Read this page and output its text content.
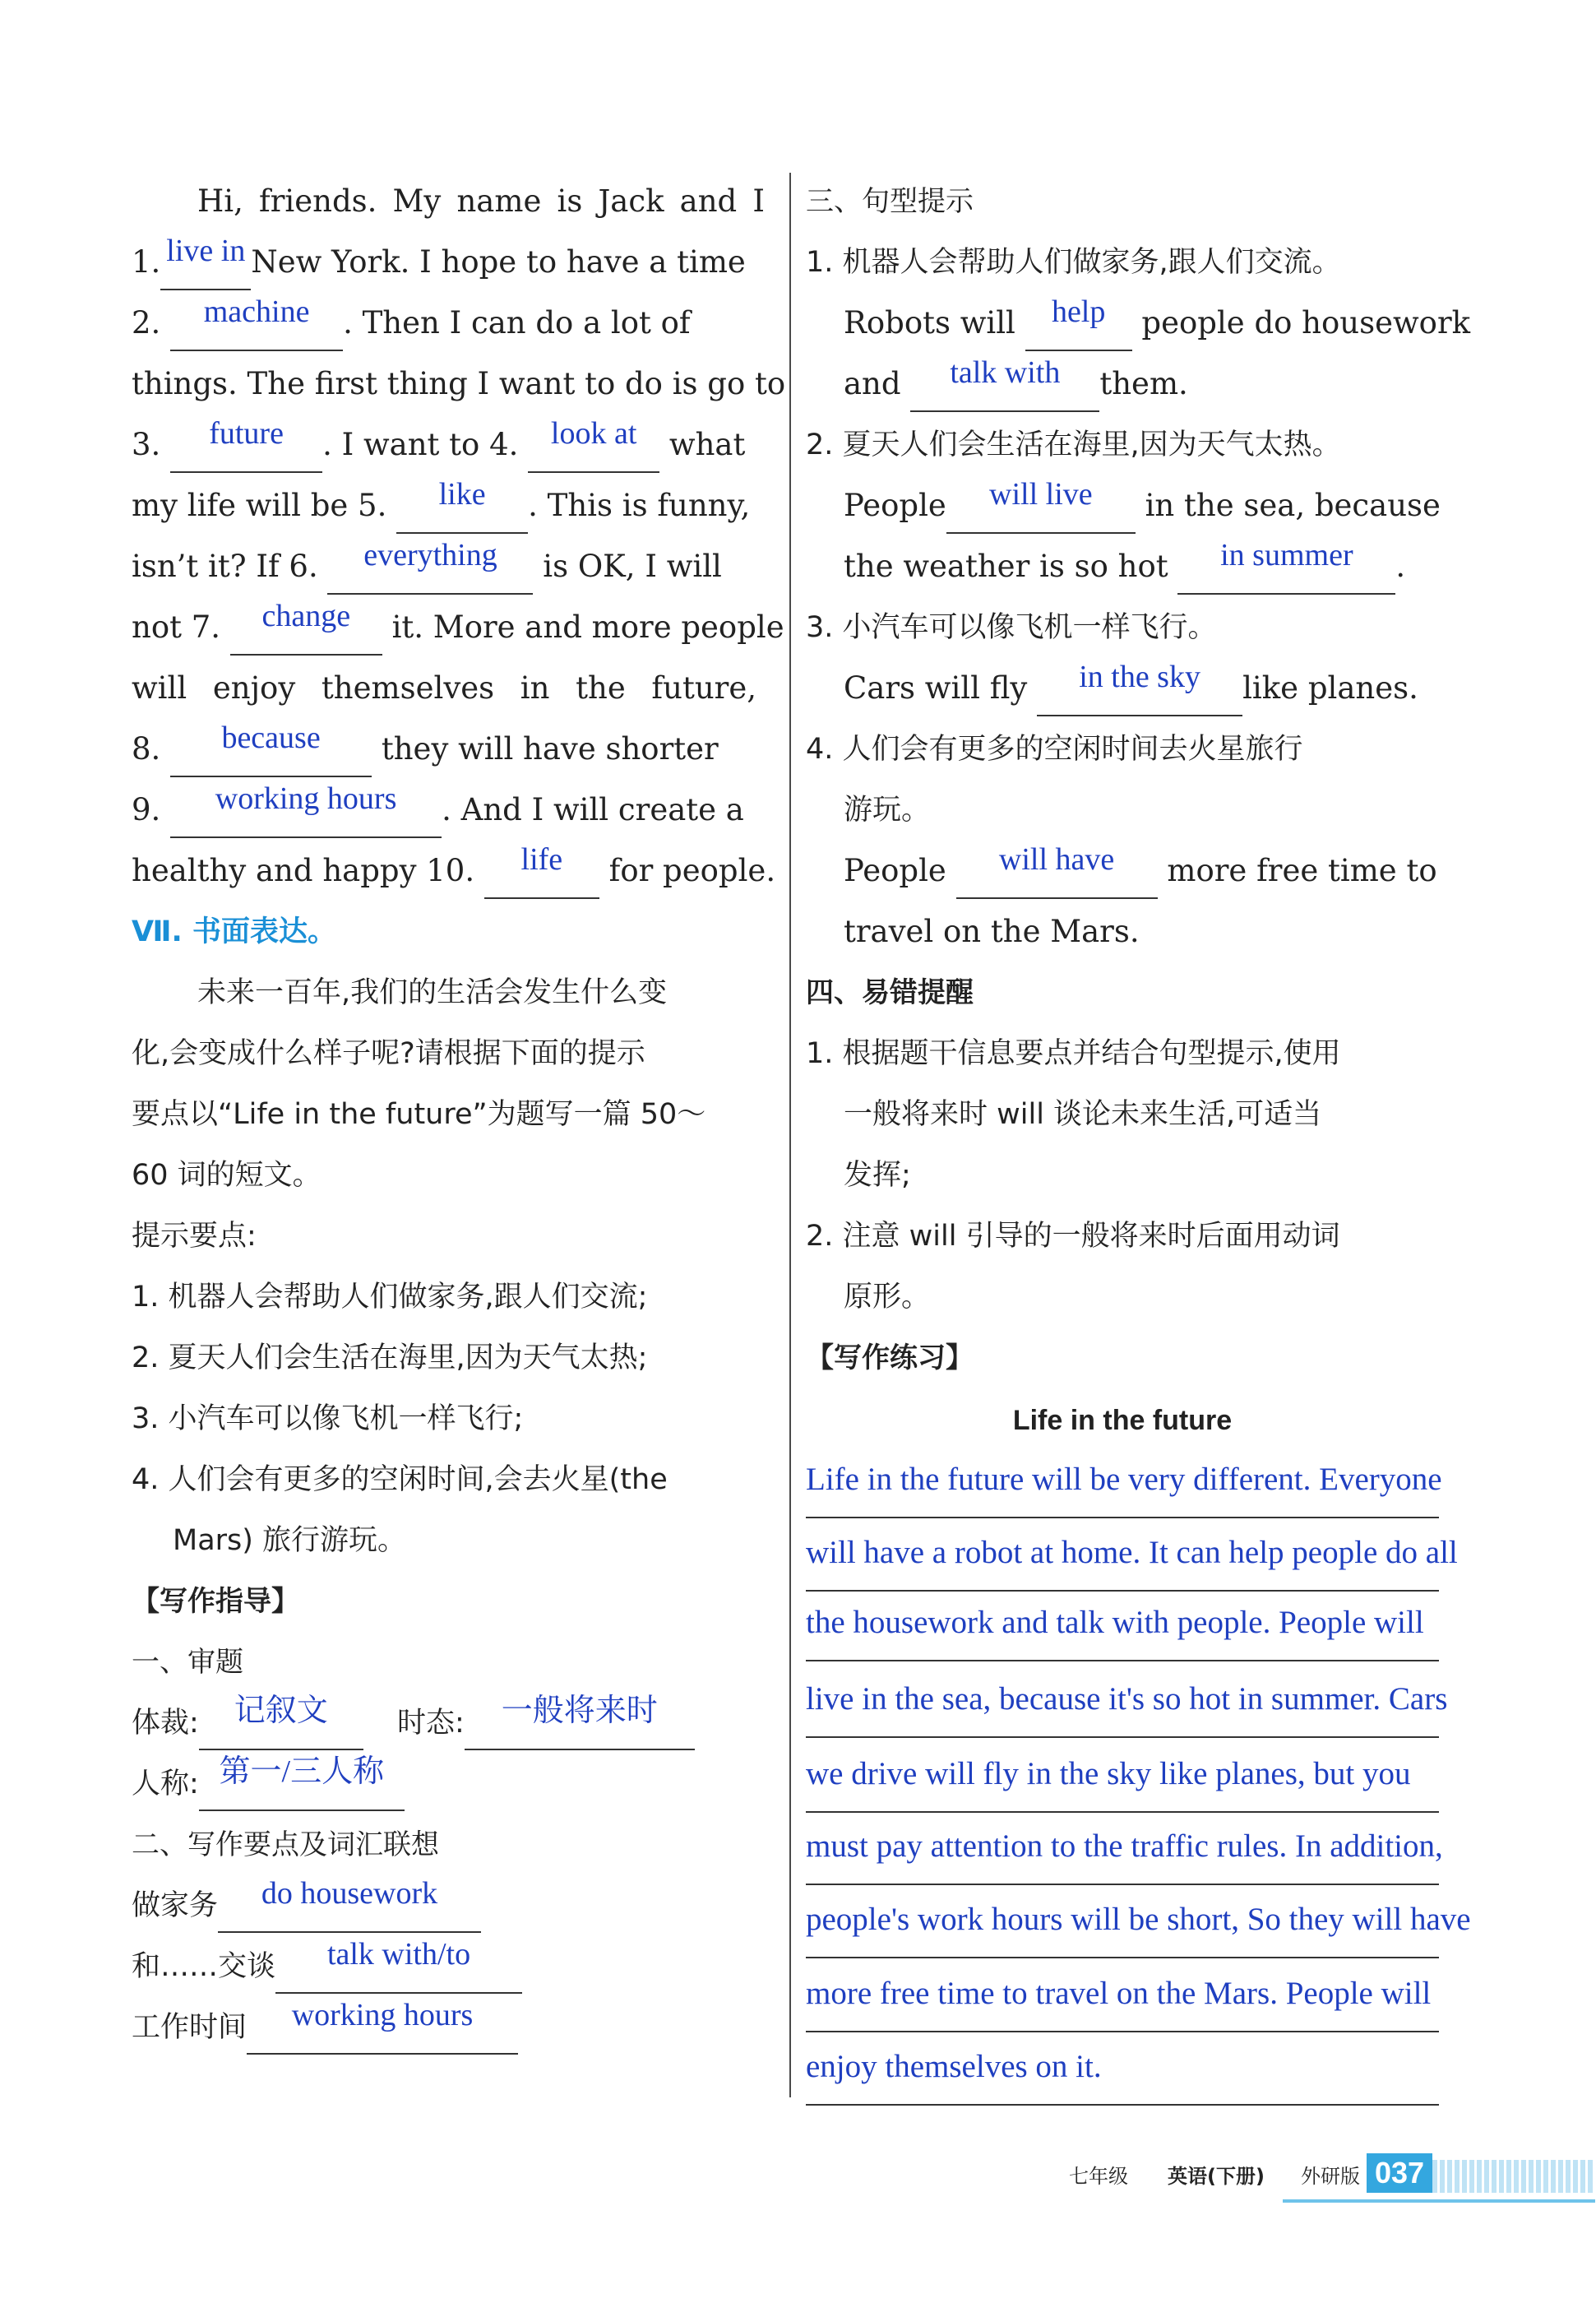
Hi, friends. My name is Jack and I
1. live in New York. I hope to have a time
2. machine . Then I can do a lot of
things. The first thing I want to do is go to
3. future . I want to 4. look at what
my life will be 5. like . This is funny,
isn’t it? If 6. everything is OK, I will
not 7. change it. More and more people
will enjoy themselves in the future,
8. because they will have shorter
9. working hours . And I will create a
healthy and happy 10. life for people.
Ⅶ. 书面表达。
未来一百年,我们的生活会发生什么变
化,会变成什么样子呢?请根据下面的提示
要点以“Life in the future”为题写一篇 50～
60 词的短文。
提示要点:
1. 机器人会帮助人们做家务,跟人们交流;
2. 夏天人们会生活在海里,因为天气太热;
3. 小汽车可以像飞机一样飞行;
4. 人们会有更多的空闲时间,会去火星(the
Mars) 旅行游玩。
【写作指导】
一、审题
体裁: 记叙文 时态: 一般将来时
人称: 第一/三人称
二、写作要点及词汇联想
做家务 do housework
和……交谈 talk with/to
工作时间 working hours
三、句型提示
1. 机器人会帮助人们做家务,跟人们交流。
Robots will help people do housework
and talk with them.
2. 夏天人们会生活在海里,因为天气太热。
People will live in the sea, because
the weather is so hot in summer .
3. 小汽车可以像飞机一样飞行。
Cars will fly in the sky like planes.
4. 人们会有更多的空闲时间去火星旅行
游玩。
People will have more free time to
travel on the Mars.
四、易错提醒
1. 根据题干信息要点并结合句型提示,使用
一般将来时 will 谈论未来生活,可适当
发挥;
2. 注意 will 引导的一般将来时后面用动词
原形。
【写作练习】
Life in the future
Life in the future will be very different. Everyone
will have a robot at home. It can help people do all
the housework and talk with people. People will
live in the sea, because it's so hot in summer. Cars
we drive will fly in the sky like planes, but you
must pay attention to the traffic rules. In addition,
people's work hours will be short, So they will have
more free time to travel on the Mars. People will
enjoy themselves on it.
七年级 英语(下册) 外研版 037
